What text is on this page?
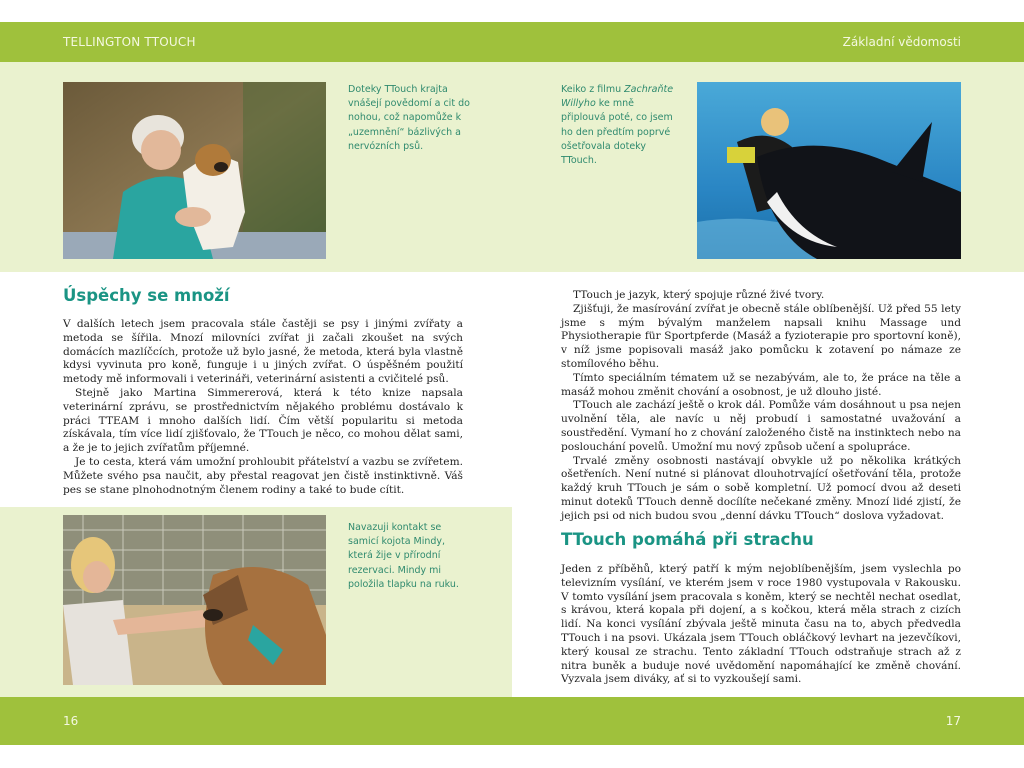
TELLINGTON TTOUCH	Základní vědomosti
Doteky TTouch krajta vnášejí povědomí a cit do nohou, což napomůže k „uzemnění“ bázlivých a nervózních psů.
Keiko z filmu Zachraňte Willyho ke mně připlouvá poté, co jsem ho den předtím poprvé ošetřovala doteky TTouch.
Úspěchy se množí

V dalších letech jsem pracovala stále častěji se psy i jinými zvířaty a metoda se šířila. Mnozí milovníci zvířat ji začali zkoušet na svých domácích mazlíčcích, protože už bylo jasné, že metoda, která byla vlastně kdysi vyvinuta pro koně, funguje i u jiných zvířat. O úspěšném použití metody mě informovali i veterináři, veterinární asistenti a cvičitelé psů.

Stejně jako Martina Simmererová, která k této knize napsala veterinární zprávu, se prostřednictvím nějakého problému dostávalo k práci TTEAM i mnoho dalších lidí. Čím větší popularitu si metoda získávala, tím více lidí zjišťovalo, že TTouch je něco, co mohou dělat sami, a že je to jejich zvířatům příjemné.

Je to cesta, která vám umožní prohloubit přátelství a vazbu se zvířetem. Můžete svého psa naučit, aby přestal reagovat jen čistě instinktivně. Váš pes se stane plnohodnotným členem rodiny a také to bude cítit.

Navazuji kontakt se samicí kojota Mindy, která žije v přírodní rezervaci. Mindy mi položila tlapku na ruku.

TTouch je jazyk, který spojuje různé živé tvory.

Zjišťuji, že masírování zvířat je obecně stále oblíbenější. Už před 55 lety jsme s mým bývalým manželem napsali knihu Massage und Physiotherapie für Sportpferde (Masáž a fyzioterapie pro sportovní koně), v níž jsme popisovali masáž jako pomůcku k zotavení po námaze ze stomílového běhu.

Tímto speciálním tématem už se nezabývám, ale to, že práce na těle a masáž mohou změnit chování a osobnost, je už dlouho jisté.

TTouch ale zachází ještě o krok dál. Pomůže vám dosáhnout u psa nejen uvolnění těla, ale navíc u něj probudí i samostatné uvažování a soustředění. Vymaní ho z chování založeného čistě na instinktech nebo na poslouchání povelů. Umožní mu nový způsob učení a spolupráce.

Trvalé změny osobnosti nastávají obvykle už po několika krátkých ošetřeních. Není nutné si plánovat dlouhotrvající ošetřování těla, protože každý kruh TTouch je sám o sobě kompletní. Už pomocí dvou až deseti minut doteků TTouch denně docílíte nečekané změny. Mnozí lidé zjistí, že jejich psi od nich budou svou „denní dávku TTouch“ doslova vyžadovat.

TTouch pomáhá při strachu

Jeden z příběhů, který patří k mým nejoblíbenějším, jsem vyslechla po televizním vysílání, ve kterém jsem v roce 1980 vystupovala v Rakousku. V tomto vysílání jsem pracovala s koněm, který se nechtěl nechat osedlat, s krávou, která kopala při dojení, a s kočkou, která měla strach z cizích lidí. Na konci vysílání zbývala ještě minuta času na to, abych předvedla TTouch i na psovi. Ukázala jsem TTouch obláčkový levhart na jezevčíkovi, který kousal ze strachu. Tento základní TTouch odstraňuje strach až z nitra buněk a buduje nové uvědomění napomáhající ke změně chování. Vyzvala jsem diváky, ať si to vyzkoušejí sami.

16	17
